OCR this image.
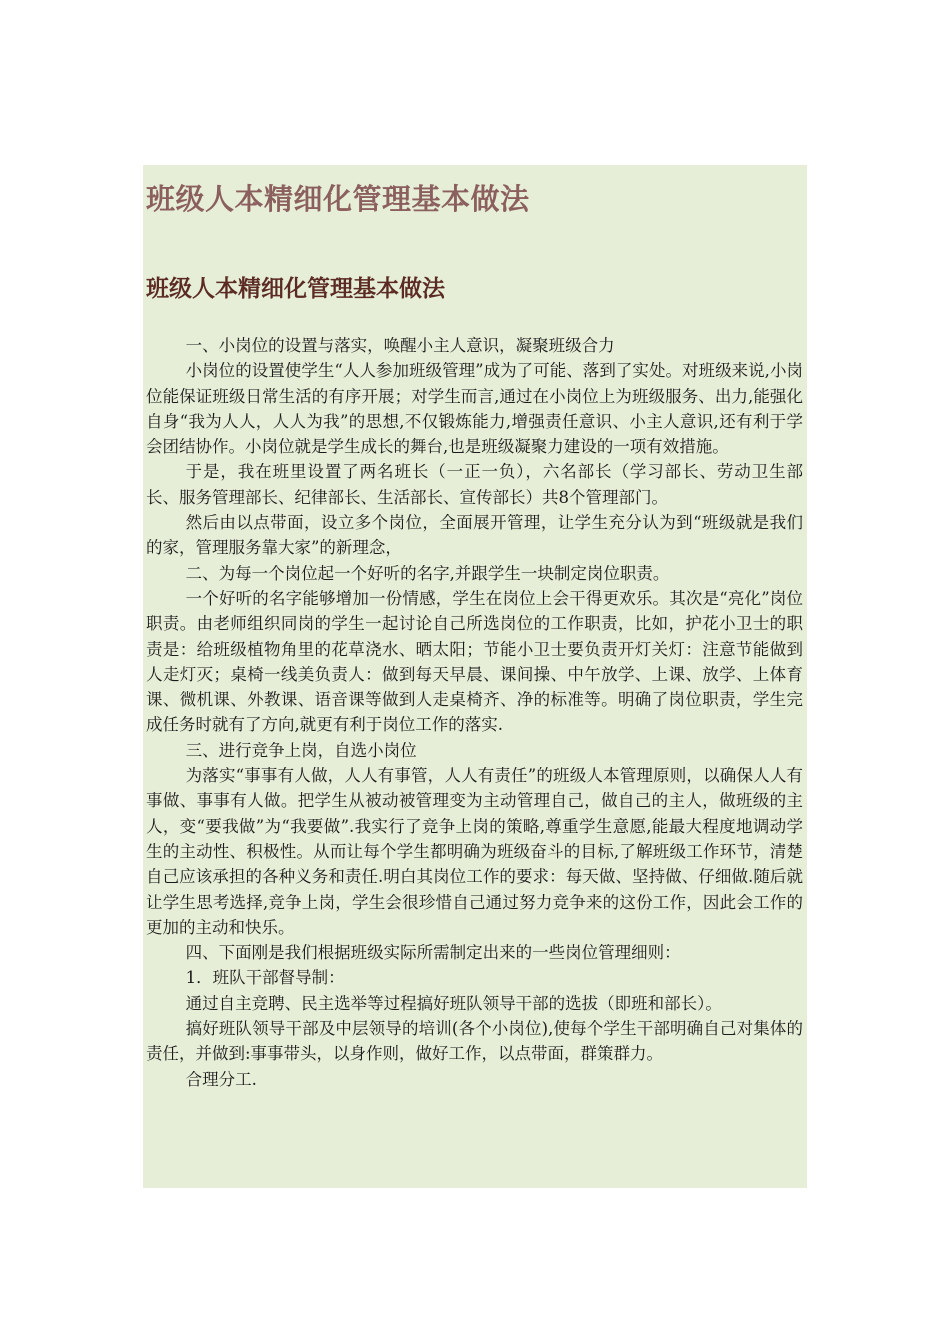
班级人本精细化管理基本做法
班级人本精细化管理基本做法

一、小岗位的设置与落实，唤醒小主人意识，凝聚班级合力

小岗位的设置使学生“人人参加班级管理”成为了可能、落到了实处。对班级来说,小岗位能保证班级日常生活的有序开展；对学生而言,通过在小岗位上为班级服务、出力,能强化自身“我为人人，人人为我”的思想,不仅锻炼能力,增强责任意识、小主人意识,还有利于学会团结协作。小岗位就是学生成长的舞台,也是班级凝聚力建设的一项有效措施。

于是，我在班里设置了两名班长（一正一负），六名部长（学习部长、劳动卫生部长、服务管理部长、纪律部长、生活部长、宣传部长）共8个管理部门。

然后由以点带面，设立多个岗位，全面展开管理，让学生充分认为到“班级就是我们的家，管理服务靠大家”的新理念，

二、为每一个岗位起一个好听的名字,并跟学生一块制定岗位职责。

一个好听的名字能够增加一份情感，学生在岗位上会干得更欢乐。其次是“亮化”岗位职责。由老师组织同岗的学生一起讨论自己所选岗位的工作职责，比如，护花小卫士的职责是：给班级植物角里的花草浇水、晒太阳；节能小卫士要负责开灯关灯：注意节能做到人走灯灭；桌椅一线美负责人：做到每天早晨、课间操、中午放学、上课、放学、上体育课、微机课、外教课、语音课等做到人走桌椅齐、净的标准等。明确了岗位职责，学生完成任务时就有了方向,就更有利于岗位工作的落实.

三、进行竞争上岗，自选小岗位

为落实“事事有人做，人人有事管，人人有责任”的班级人本管理原则，以确保人人有事做、事事有人做。把学生从被动被管理变为主动管理自己，做自己的主人，做班级的主人，变“要我做”为“我要做”.我实行了竞争上岗的策略,尊重学生意愿,能最大程度地调动学生的主动性、积极性。从而让每个学生都明确为班级奋斗的目标,了解班级工作环节，清楚自己应该承担的各种义务和责任.明白其岗位工作的要求：每天做、坚持做、仔细做.随后就让学生思考选择,竞争上岗，学生会很珍惜自己通过努力竞争来的这份工作，因此会工作的更加的主动和快乐。

四、下面刚是我们根据班级实际所需制定出来的一些岗位管理细则：

1．班队干部督导制：

通过自主竞聘、民主选举等过程搞好班队领导干部的选拔（即班和部长）。

搞好班队领导干部及中层领导的培训(各个小岗位),使每个学生干部明确自己对集体的责任，并做到:事事带头，以身作则，做好工作，以点带面，群策群力。

合理分工.
